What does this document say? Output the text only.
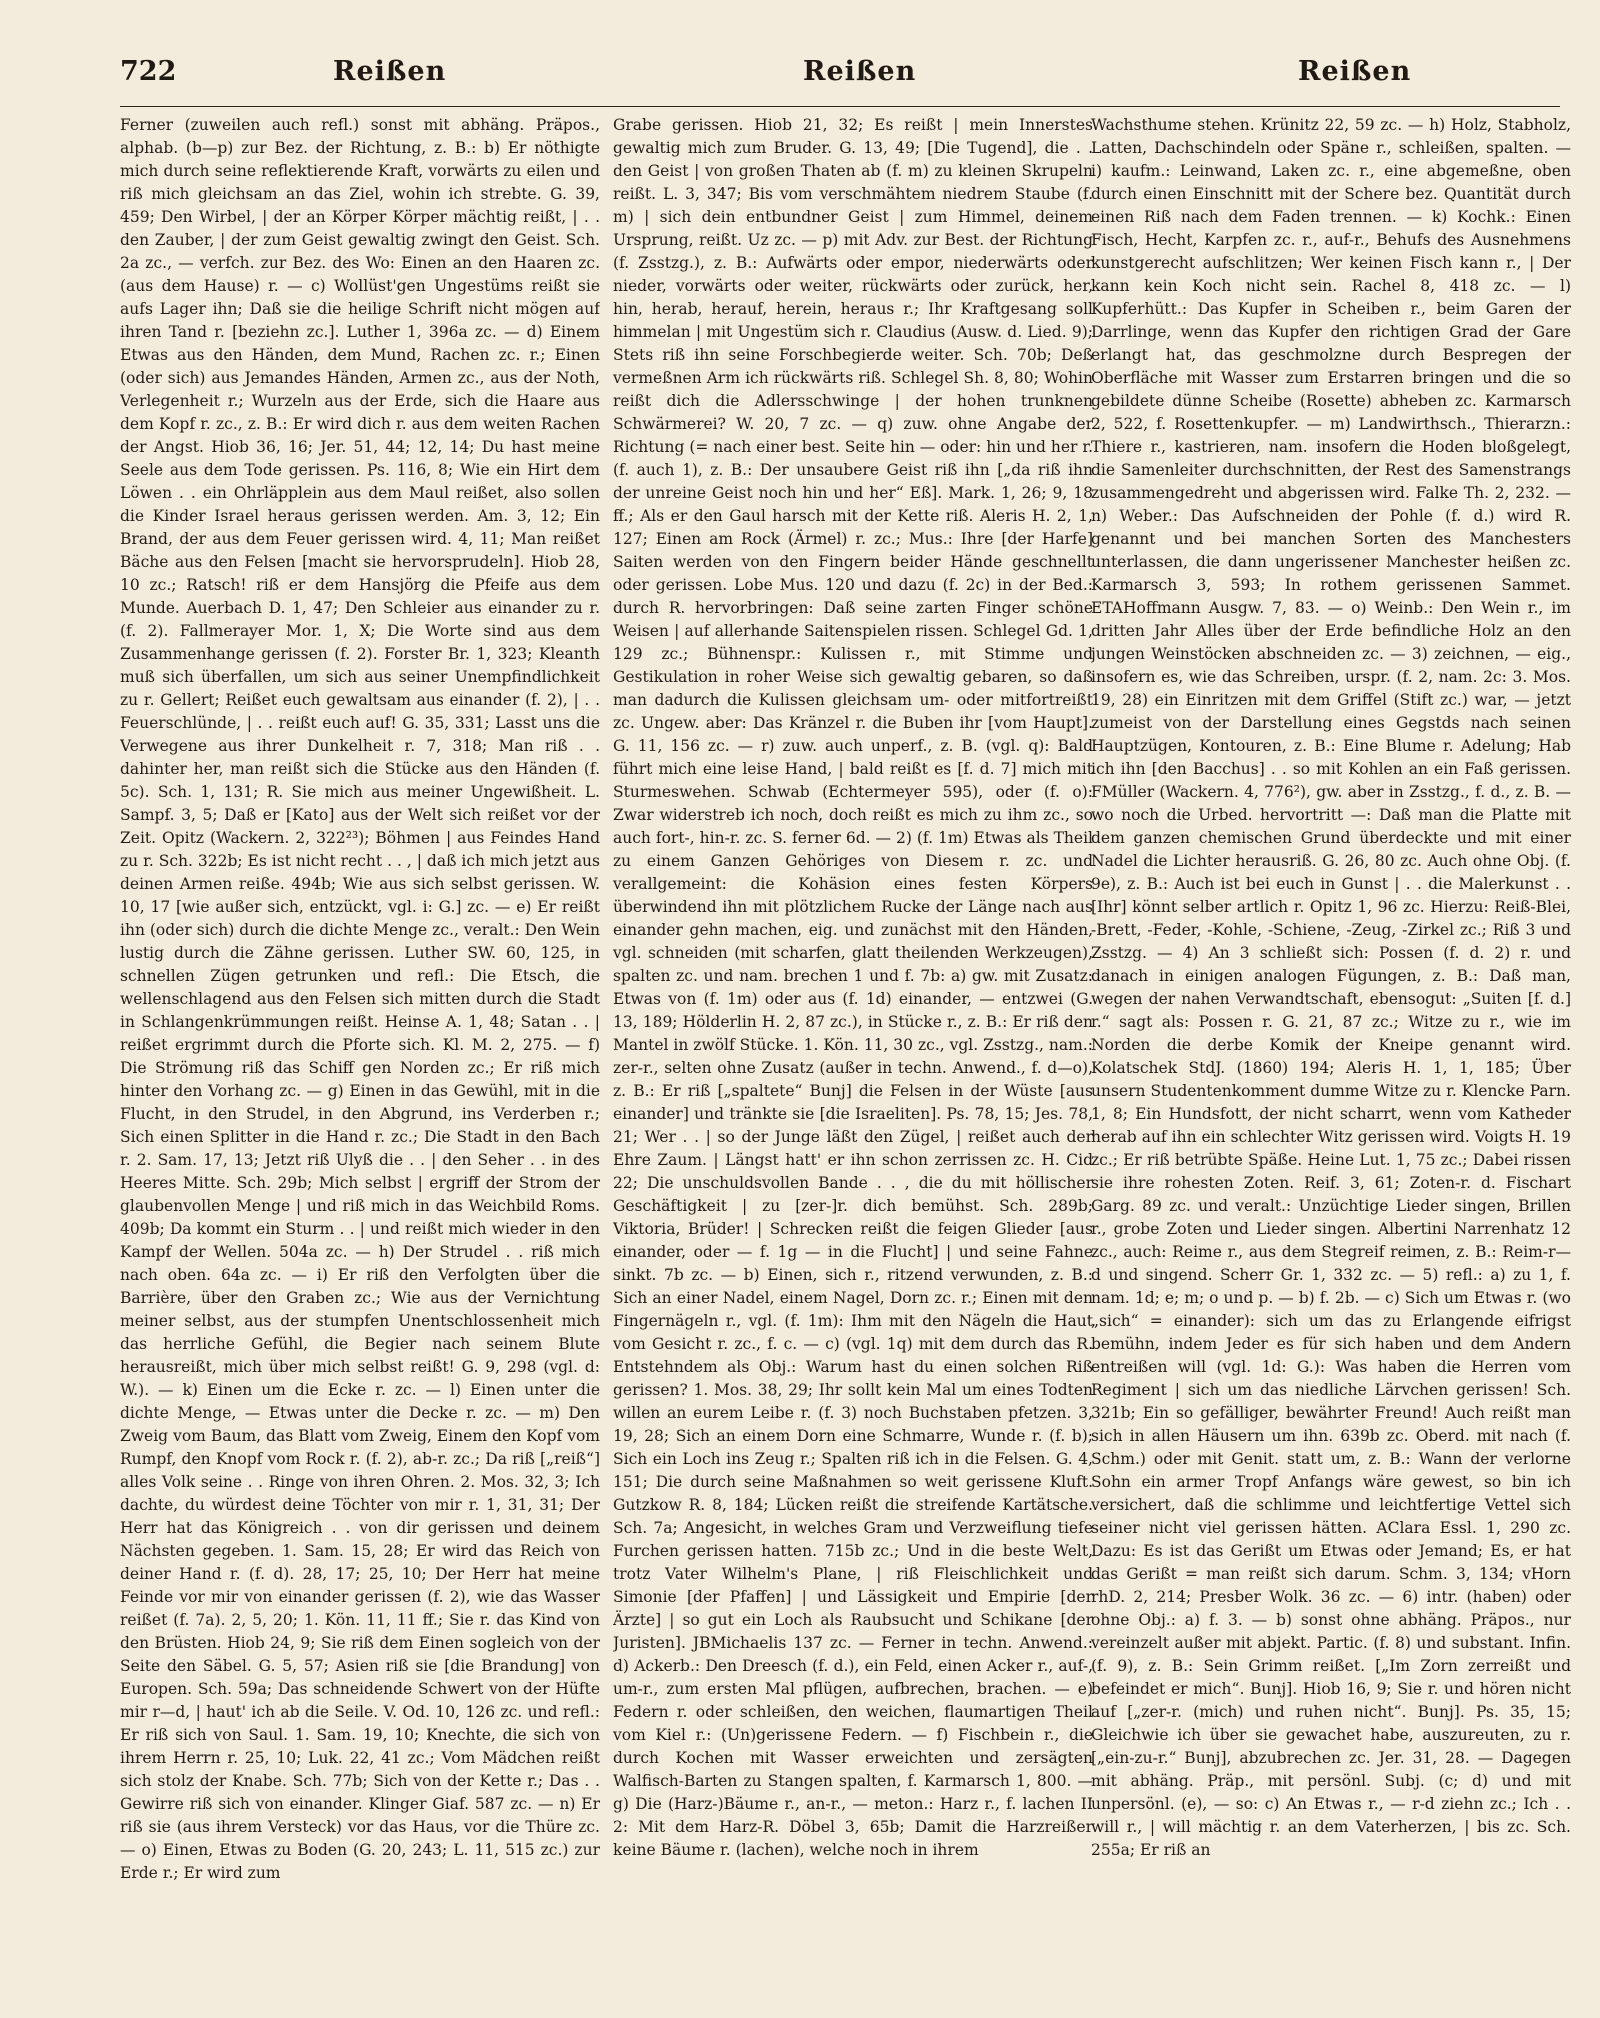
722	Reißen	Reißen	Reißen

Ferner (zuweilen auch refl.) sonst mit abhäng. Präpos., alphab. (b—p) zur Bez. der Richtung, z. B.: b) Er nöthigte mich durch seine reflektierende Kraft, vorwärts zu eilen und riß mich gleichsam an das Ziel, wohin ich strebte. G. 39, 459; Den Wirbel, | der an Körper Körper mächtig reißt, | . . den Zauber, | der zum Geist gewaltig zwingt den Geist. Sch. 2a zc., — verfch. zur Bez. des Wo: Einen an den Haaren zc. (aus dem Hause) r. — c) Wollüst'gen Ungestüms reißt sie aufs Lager ihn; Daß sie die heilige Schrift nicht mögen auf ihren Tand r. [beziehn zc.]. Luther 1, 396a zc. — d) Einem Etwas aus den Händen, dem Mund, Rachen zc. r.; Einen (oder sich) aus Jemandes Händen, Armen zc., aus der Noth, Verlegenheit r.; Wurzeln aus der Erde, sich die Haare aus dem Kopf r. zc., z. B.: Er wird dich r. aus dem weiten Rachen der Angst. Hiob 36, 16; Jer. 51, 44; 12, 14; Du hast meine Seele aus dem Tode gerissen. Ps. 116, 8; Wie ein Hirt dem Löwen . . ein Ohrläpplein aus dem Maul reißet, also sollen die Kinder Israel heraus gerissen werden. Am. 3, 12; Ein Brand, der aus dem Feuer gerissen wird. 4, 11; Man reißet Bäche aus den Felsen [macht sie hervorsprudeln]. Hiob 28, 10 zc.; Ratsch! riß er dem Hansjörg die Pfeife aus dem Munde. Auerbach D. 1, 47; Den Schleier aus einander zu r. (f. 2). Fallmerayer Mor. 1, X; Die Worte sind aus dem Zusammenhange gerissen (f. 2). Forster Br. 1, 323; Kleanth muß sich überfallen, um sich aus seiner Unempfindlichkeit zu r. Gellert; Reißet euch gewaltsam aus einander (f. 2), | . . Feuerschlünde, | . . reißt euch auf! G. 35, 331; Lasst uns die Verwegene aus ihrer Dunkelheit r. 7, 318; Man riß . . dahinter her, man reißt sich die Stücke aus den Händen (f. 5c). Sch. 1, 131; R. Sie mich aus meiner Ungewißheit. L. Sampf. 3, 5; Daß er [Kato] aus der Welt sich reißet vor der Zeit. Opitz (Wackern. 2, 322²³); Böhmen | aus Feindes Hand zu r. Sch. 322b; Es ist nicht recht . . , | daß ich mich jetzt aus deinen Armen reiße. 494b; Wie aus sich selbst gerissen. W. 10, 17 [wie außer sich, entzückt, vgl. i: G.] zc. — e) Er reißt ihn (oder sich) durch die dichte Menge zc., veralt.: Den Wein lustig durch die Zähne gerissen. Luther SW. 60, 125, in schnellen Zügen getrunken und refl.: Die Etsch, die wellenschlagend aus den Felsen sich mitten durch die Stadt in Schlangenkrümmungen reißt. Heinse A. 1, 48; Satan . . | reißet ergrimmt durch die Pforte sich. Kl. M. 2, 275. — f) Die Strömung riß das Schiff gen Norden zc.; Er riß mich hinter den Vorhang zc. — g) Einen in das Gewühl, mit in die Flucht, in den Strudel, in den Abgrund, ins Verderben r.; Sich einen Splitter in die Hand r. zc.; Die Stadt in den Bach r. 2. Sam. 17, 13; Jetzt riß Ulyß die . . | den Seher . . in des Heeres Mitte. Sch. 29b; Mich selbst | ergriff der Strom der glaubenvollen Menge | und riß mich in das Weichbild Roms. 409b; Da kommt ein Sturm . . | und reißt mich wieder in den Kampf der Wellen. 504a zc. — h) Der Strudel . . riß mich nach oben. 64a zc. — i) Er riß den Verfolgten über die Barrière, über den Graben zc.; Wie aus der Vernichtung meiner selbst, aus der stumpfen Unentschlossenheit mich das herrliche Gefühl, die Begier nach seinem Blute herausreißt, mich über mich selbst reißt! G. 9, 298 (vgl. d: W.). — k) Einen um die Ecke r. zc. — l) Einen unter die dichte Menge, — Etwas unter die Decke r. zc. — m) Den Zweig vom Baum, das Blatt vom Zweig, Einem den Kopf vom Rumpf, den Knopf vom Rock r. (f. 2), ab-r. zc.; Da riß [„reiß“] alles Volk seine . . Ringe von ihren Ohren. 2. Mos. 32, 3; Ich dachte, du würdest deine Töchter von mir r. 1, 31, 31; Der Herr hat das Königreich . . von dir gerissen und deinem Nächsten gegeben. 1. Sam. 15, 28; Er wird das Reich von deiner Hand r. (f. d). 28, 17; 25, 10; Der Herr hat meine Feinde vor mir von einander gerissen (f. 2), wie das Wasser reißet (f. 7a). 2, 5, 20; 1. Kön. 11, 11 ff.; Sie r. das Kind von den Brüsten. Hiob 24, 9; Sie riß dem Einen sogleich von der Seite den Säbel. G. 5, 57; Asien riß sie [die Brandung] von Europen. Sch. 59a; Das schneidende Schwert von der Hüfte mir r—d, | haut' ich ab die Seile. V. Od. 10, 126 zc. und refl.: Er riß sich von Saul. 1. Sam. 19, 10; Knechte, die sich von ihrem Herrn r. 25, 10; Luk. 22, 41 zc.; Vom Mädchen reißt sich stolz der Knabe. Sch. 77b; Sich von der Kette r.; Das . . Gewirre riß sich von einander. Klinger Giaf. 587 zc. — n) Er riß sie (aus ihrem Versteck) vor das Haus, vor die Thüre zc. — o) Einen, Etwas zu Boden (G. 20, 243; L. 11, 515 zc.) zur Erde r.; Er wird zum

Grabe gerissen. Hiob 21, 32; Es reißt | mein Innerstes gewaltig mich zum Bruder. G. 13, 49; [Die Tugend], die . . den Geist | von großen Thaten ab (f. m) zu kleinen Skrupeln reißt. L. 3, 347; Bis vom verschmähtem niedrem Staube (f. m) | sich dein entbundner Geist | zum Himmel, deinem Ursprung, reißt. Uz zc. — p) mit Adv. zur Best. der Richtung (f. Zsstzg.), z. B.: Aufwärts oder empor, niederwärts oder nieder, vorwärts oder weiter, rückwärts oder zurück, her, hin, herab, herauf, herein, heraus r.; Ihr Kraftgesang soll himmelan | mit Ungestüm sich r. Claudius (Ausw. d. Lied. 9); Stets riß ihn seine Forschbegierde weiter. Sch. 70b; Deß vermeßnen Arm ich rückwärts riß. Schlegel Sh. 8, 80; Wohin reißt dich die Adlersschwinge | der hohen trunknen Schwärmerei? W. 20, 7 zc. — q) zuw. ohne Angabe der Richtung (= nach einer best. Seite hin — oder: hin und her r. (f. auch 1), z. B.: Der unsaubere Geist riß ihn [„da riß ihn der unreine Geist noch hin und her“ Eß]. Mark. 1, 26; 9, 18 ff.; Als er den Gaul harsch mit der Kette riß. Aleris H. 2, 1, 127; Einen am Rock (Ärmel) r. zc.; Mus.: Ihre [der Harfe] Saiten werden von den Fingern beider Hände geschnellt oder gerissen. Lobe Mus. 120 und dazu (f. 2c) in der Bed.: durch R. hervorbringen: Daß seine zarten Finger schöne Weisen | auf allerhande Saitenspielen rissen. Schlegel Gd. 1, 129 zc.; Bühnenspr.: Kulissen r., mit Stimme und Gestikulation in roher Weise sich gewaltig gebaren, so daß man dadurch die Kulissen gleichsam um- oder mitfortreißt zc. Ungew. aber: Das Kränzel r. die Buben ihr [vom Haupt]. G. 11, 156 zc. — r) zuw. auch unperf., z. B. (vgl. q): Bald führt mich eine leise Hand, | bald reißt es [f. d. 7] mich mit Sturmeswehen. Schwab (Echtermeyer 595), oder (f. o): Zwar widerstreb ich noch, doch reißt es mich zu ihm zc., so auch fort-, hin-r. zc. S. ferner 6d. — 2) (f. 1m) Etwas als Theil zu einem Ganzen Gehöriges von Diesem r. zc. und verallgemeint: die Kohäsion eines festen Körpers überwindend ihn mit plötzlichem Rucke der Länge nach aus einander gehn machen, eig. und zunächst mit den Händen, vgl. schneiden (mit scharfen, glatt theilenden Werkzeugen), spalten zc. und nam. brechen 1 und f. 7b: a) gw. mit Zusatz: Etwas von (f. 1m) oder aus (f. 1d) einander, — entzwei (G. 13, 189; Hölderlin H. 2, 87 zc.), in Stücke r., z. B.: Er riß den Mantel in zwölf Stücke. 1. Kön. 11, 30 zc., vgl. Zsstzg., nam.: zer-r., selten ohne Zusatz (außer in techn. Anwend., f. d—o), z. B.: Er riß [„spaltete“ Bunj] die Felsen in der Wüste [aus einander] und tränkte sie [die Israeliten]. Ps. 78, 15; Jes. 78, 21; Wer . . | so der Junge läßt den Zügel, | reißet auch der Ehre Zaum. | Längst hatt' er ihn schon zerrissen zc. H. Cid 22; Die unschuldsvollen Bande . . , die du mit höllischer Geschäftigkeit | zu [zer-]r. dich bemühst. Sch. 289b; Viktoria, Brüder! | Schrecken reißt die feigen Glieder [aus einander, oder — f. 1g — in die Flucht] | und seine Fahne sinkt. 7b zc. — b) Einen, sich r., ritzend verwunden, z. B.: Sich an einer Nadel, einem Nagel, Dorn zc. r.; Einen mit den Fingernägeln r., vgl. (f. 1m): Ihm mit den Nägeln die Haut vom Gesicht r. zc., f. c. — c) (vgl. 1q) mit dem durch das R. Entstehndem als Obj.: Warum hast du einen solchen Riß gerissen? 1. Mos. 38, 29; Ihr sollt kein Mal um eines Todten willen an eurem Leibe r. (f. 3) noch Buchstaben pfetzen. 3, 19, 28; Sich an einem Dorn eine Schmarre, Wunde r. (f. b); Sich ein Loch ins Zeug r.; Spalten riß ich in die Felsen. G. 4, 151; Die durch seine Maßnahmen so weit gerissene Kluft. Gutzkow R. 8, 184; Lücken reißt die streifende Kartätsche. Sch. 7a; Angesicht, in welches Gram und Verzweiflung tiefe Furchen gerissen hatten. 715b zc.; Und in die beste Welt, trotz Vater Wilhelm's Plane, | riß Fleischlichkeit und Simonie [der Pfaffen] | und Lässigkeit und Empirie [der Ärzte] | so gut ein Loch als Raubsucht und Schikane [der Juristen]. JBMichaelis 137 zc. — Ferner in techn. Anwend.: d) Ackerb.: Den Dreesch (f. d.), ein Feld, einen Acker r., auf-, um-r., zum ersten Mal pflügen, aufbrechen, brachen. — e) Federn r. oder schleißen, den weichen, flaumartigen Theil vom Kiel r.: (Un)gerissene Federn. — f) Fischbein r., die durch Kochen mit Wasser erweichten und zersägten Walfisch-Barten zu Stangen spalten, f. Karmarsch 1, 800. — g) Die (Harz-)Bäume r., an-r., — meton.: Harz r., f. lachen II 2: Mit dem Harz-R. Döbel 3, 65b; Damit die Harzreißer keine Bäume r. (lachen), welche noch in ihrem

Wachsthume stehen. Krünitz 22, 59 zc. — h) Holz, Stabholz, Latten, Dachschindeln oder Späne r., schleißen, spalten. — i) kaufm.: Leinwand, Laken zc. r., eine abgemeßne, oben durch einen Einschnitt mit der Schere bez. Quantität durch einen Riß nach dem Faden trennen. — k) Kochk.: Einen Fisch, Hecht, Karpfen zc. r., auf-r., Behufs des Ausnehmens kunstgerecht aufschlitzen; Wer keinen Fisch kann r., | Der kann kein Koch nicht sein. Rachel 8, 418 zc. — l) Kupferhütt.: Das Kupfer in Scheiben r., beim Garen der Darrlinge, wenn das Kupfer den richtigen Grad der Gare erlangt hat, das geschmolzne durch Bespregen der Oberfläche mit Wasser zum Erstarren bringen und die so gebildete dünne Scheibe (Rosette) abheben zc. Karmarsch 2, 522, f. Rosettenkupfer. — m) Landwirthsch., Thierarzn.: Thiere r., kastrieren, nam. insofern die Hoden bloßgelegt, die Samenleiter durchschnitten, der Rest des Samenstrangs zusammengedreht und abgerissen wird. Falke Th. 2, 232. — n) Weber.: Das Aufschneiden der Pohle (f. d.) wird R. genannt und bei manchen Sorten des Manchesters unterlassen, die dann ungerissener Manchester heißen zc. Karmarsch 3, 593; In rothem gerissenen Sammet. ETAHoffmann Ausgw. 7, 83. — o) Weinb.: Den Wein r., im dritten Jahr Alles über der Erde befindliche Holz an den jungen Weinstöcken abschneiden zc. — 3) zeichnen, — eig., insofern es, wie das Schreiben, urspr. (f. 2, nam. 2c: 3. Mos. 19, 28) ein Einritzen mit dem Griffel (Stift zc.) war, — jetzt zumeist von der Darstellung eines Gegstds nach seinen Hauptzügen, Kontouren, z. B.: Eine Blume r. Adelung; Hab ich ihn [den Bacchus] . . so mit Kohlen an ein Faß gerissen. FMüller (Wackern. 4, 776²), gw. aber in Zsstzg., f. d., z. B. — wo noch die Urbed. hervortritt —: Daß man die Platte mit dem ganzen chemischen Grund überdeckte und mit einer Nadel die Lichter herausriß. G. 26, 80 zc. Auch ohne Obj. (f. 9e), z. B.: Auch ist bei euch in Gunst | . . die Malerkunst . . [Ihr] könnt selber artlich r. Opitz 1, 96 zc. Hierzu: Reiß-Blei, -Brett, -Feder, -Kohle, -Schiene, -Zeug, -Zirkel zc.; Riß 3 und Zsstzg. — 4) An 3 schließt sich: Possen (f. d. 2) r. und danach in einigen analogen Fügungen, z. B.: Daß man, wegen der nahen Verwandtschaft, ebensogut: „Suiten [f. d.] r.“ sagt als: Possen r. G. 21, 87 zc.; Witze zu r., wie im Norden die derbe Komik der Kneipe genannt wird. Kolatschek StdJ. (1860) 194; Aleris H. 1, 1, 185; Über unsern Studentenkomment dumme Witze zu r. Klencke Parn. 1, 8; Ein Hundsfott, der nicht scharrt, wenn vom Katheder herab auf ihn ein schlechter Witz gerissen wird. Voigts H. 19 zc.; Er riß betrübte Späße. Heine Lut. 1, 75 zc.; Dabei rissen sie ihre rohesten Zoten. Reif. 3, 61; Zoten-r. d. Fischart Garg. 89 zc. und veralt.: Unzüchtige Lieder singen, Brillen r., grobe Zoten und Lieder singen. Albertini Narrenhatz 12 zc., auch: Reime r., aus dem Stegreif reimen, z. B.: Reim-r—d und singend. Scherr Gr. 1, 332 zc. — 5) refl.: a) zu 1, f. nam. 1d; e; m; o und p. — b) f. 2b. — c) Sich um Etwas r. (wo „sich“ = einander): sich um das zu Erlangende eifrigst bemühn, indem Jeder es für sich haben und dem Andern entreißen will (vgl. 1d: G.): Was haben die Herren vom Regiment | sich um das niedliche Lärvchen gerissen! Sch. 321b; Ein so gefälliger, bewährter Freund! Auch reißt man sich in allen Häusern um ihn. 639b zc. Oberd. mit nach (f. Schm.) oder mit Genit. statt um, z. B.: Wann der verlorne Sohn ein armer Tropf Anfangs wäre gewest, so bin ich versichert, daß die schlimme und leichtfertige Vettel sich seiner nicht viel gerissen hätten. AClara Essl. 1, 290 zc. Dazu: Es ist das Gerißt um Etwas oder Jemand; Es, er hat das Gerißt = man reißt sich darum. Schm. 3, 134; vHorn rhD. 2, 214; Presber Wolk. 36 zc. — 6) intr. (haben) oder ohne Obj.: a) f. 3. — b) sonst ohne abhäng. Präpos., nur vereinzelt außer mit abjekt. Partic. (f. 8) und substant. Infin. (f. 9), z. B.: Sein Grimm reißet. [„Im Zorn zerreißt und befeindet er mich“. Bunj]. Hiob 16, 9; Sie r. und hören nicht auf [„zer-r. (mich) und ruhen nicht“. Bunj]. Ps. 35, 15; Gleichwie ich über sie gewachet habe, auszureuten, zu r. [„ein-zu-r.“ Bunj], abzubrechen zc. Jer. 31, 28. — Dagegen mit abhäng. Präp., mit persönl. Subj. (c; d) und mit unpersönl. (e), — so: c) An Etwas r., — r-d ziehn zc.; Ich . . will r., | will mächtig r. an dem Vaterherzen, | bis zc. Sch. 255a; Er riß an
